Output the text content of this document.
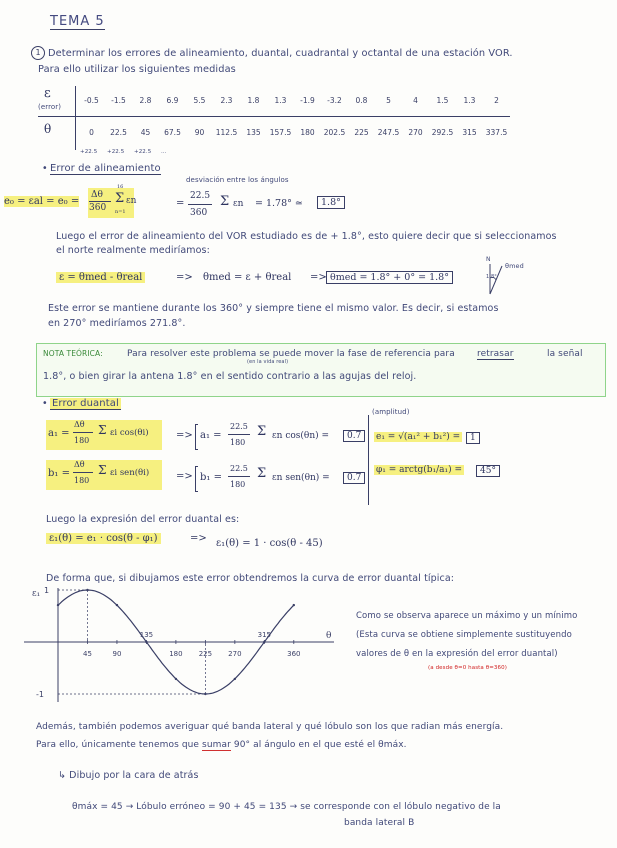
TEMA 5
1 Determinar los errores de alineamiento, duantal, cuadrantal y octantal de una estación VOR.
Para ello utilizar los siguientes medidas
ε
(error)
θ
-0.5	-1.5	2.8	6.9	5.5	2.3	1.8	1.3	-1.9	-3.2	0.8	5	4	1.5	1.3	2
0	22.5	45	67.5	90	112.5	135	157.5	180	202.5	225	247.5	270	292.5	315	337.5
+22.5 +22.5 +22.5 ...
• Error de alineamiento
desviación entre los ángulos
e₀ = εal = e₀ =
Δθ
360
Σ
16
n=1
εn	=
22.5
360
Σ εn = 1.78° ≃	1.8°
Luego el error de alineamiento del VOR estudiado es de + 1.8°, esto quiere decir que si seleccionamos
el norte realmente mediríamos:
ε = θmed - θreal	=> θmed = ε + θreal => θmed = 1.8° + 0° = 1.8°
N
θmed
1.8°
Este error se mantiene durante los 360° y siempre tiene el mismo valor. Es decir, si estamos
en 270° mediríamos 271.8°.
NOTA TEÓRICA:	Para resolver este problema se puede mover la fase de referencia para retrasar	la señal
(en la vida real)
1.8°, o bien girar la antena 1.8° en el sentido contrario a las agujas del reloj.
• Error duantal
(amplitud)
a₁ =
Δθ
180
Σ εi cos(θi)	=> a₁ =
22.5
180
Σ εn cos(θn) =	0.7
b₁ =
Δθ
180
Σ εi sen(θi)	=> b₁ =
22.5
180
Σ εn sen(θn) =	0.7
e₁ = √(a₁² + b₁²) =	1
φ₁ = arctg(b₁/a₁) =	45°
Luego la expresión del error duantal es:
ε₁(θ) = e₁ · cos(θ - φ₁)	=> ε₁(θ) = 1 · cos(θ - 45)
De forma que, si dibujamos este error obtendremos la curva de error duantal típica:
45	90
135
180 225 270
315
360
1
-1
ε₁
θ
Como se observa aparece un máximo y un mínimo
(Esta curva se obtiene simplemente sustituyendo
valores de θ en la expresión del error duantal)
(a desde θ=0 hasta θ=360)
Además, también podemos averiguar qué banda lateral y qué lóbulo son los que radian más energía.
Para ello, únicamente tenemos que sumar 90° al ángulo en el que esté el θmáx.
↳ Dibujo por la cara de atrás
θmáx = 45 → Lóbulo erróneo = 90 + 45 = 135 → se corresponde con el lóbulo negativo de la
banda lateral B
